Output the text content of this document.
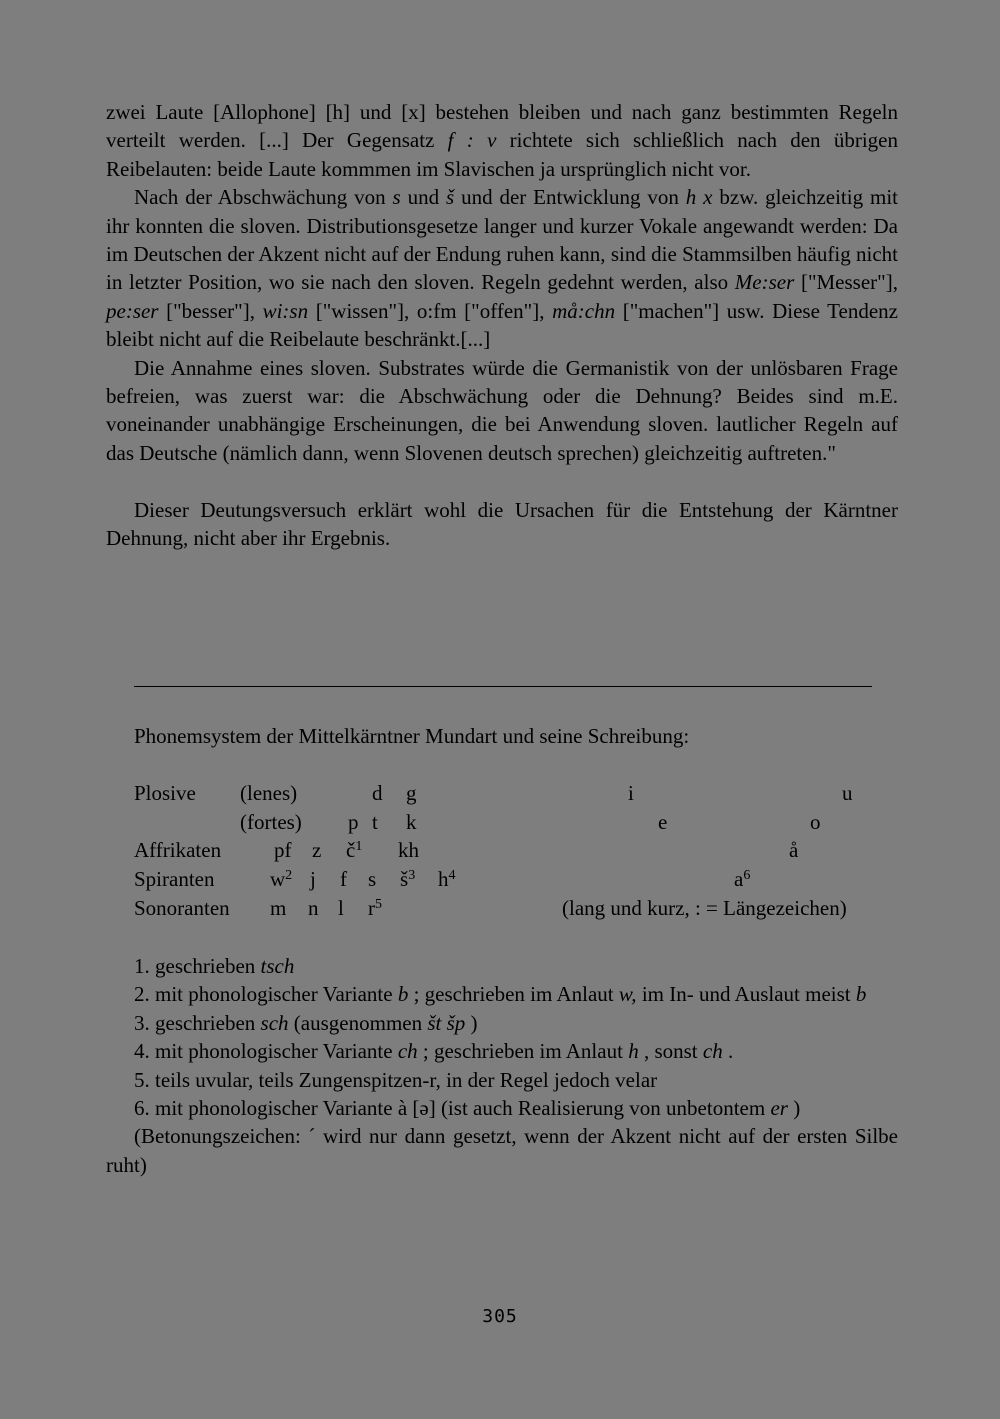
zwei Laute [Allophone] [h] und [x] bestehen bleiben und nach ganz bestimmten Regeln verteilt werden. [...] Der Gegensatz f : v richtete sich schließlich nach den übrigen Reibelauten: beide Laute kommmen im Slavischen ja ursprünglich nicht vor.

Nach der Abschwächung von s und š und der Entwicklung von h x bzw. gleichzeitig mit ihr konnten die sloven. Distributionsgesetze langer und kurzer Vokale angewandt werden: Da im Deutschen der Akzent nicht auf der Endung ruhen kann, sind die Stammsilben häufig nicht in letzter Position, wo sie nach den sloven. Regeln gedehnt werden, also Me:ser ["Messer"], pe:ser ["besser"], wi:sn ["wissen"], o:fm ["offen"], må:chn ["machen"] usw. Diese Tendenz bleibt nicht auf die Reibelaute beschränkt.[...]

Die Annahme eines sloven. Substrates würde die Germanistik von der unlösbaren Frage befreien, was zuerst war: die Abschwächung oder die Dehnung? Beides sind m.E. voneinander unabhängige Erscheinungen, die bei Anwendung sloven. lautlicher Regeln auf das Deutsche (nämlich dann, wenn Slovenen deutsch sprechen) gleichzeitig auftreten."

Dieser Deutungsversuch erklärt wohl die Ursachen für die Entstehung der Kärntner Dehnung, nicht aber ihr Ergebnis.

Phonemsystem der Mittelkärntner Mundart und seine Schreibung:
Plosive (lenes)	d g	i	u
(fortes) p t k	e	o
Affrikaten	pf z $č^1$ kh	å
Spiranten	$w^2$ j f s $š^3$ $h^4$	$a^6$
Sonoranten m n l $r^5$	(lang und kurz, : = Längezeichen)

1. geschrieben tsch

2. mit phonologischer Variante b ; geschrieben im Anlaut w, im In- und Auslaut meist b

3. geschrieben sch (ausgenommen št šp )

4. mit phonologischer Variante ch ; geschrieben im Anlaut h , sonst ch .

5. teils uvular, teils Zungenspitzen-r, in der Regel jedoch velar

6. mit phonologischer Variante à [ə] (ist auch Realisierung von unbetontem er )

(Betonungszeichen: ´ wird nur dann gesetzt, wenn der Akzent nicht auf der ersten Silbe ruht)

305
